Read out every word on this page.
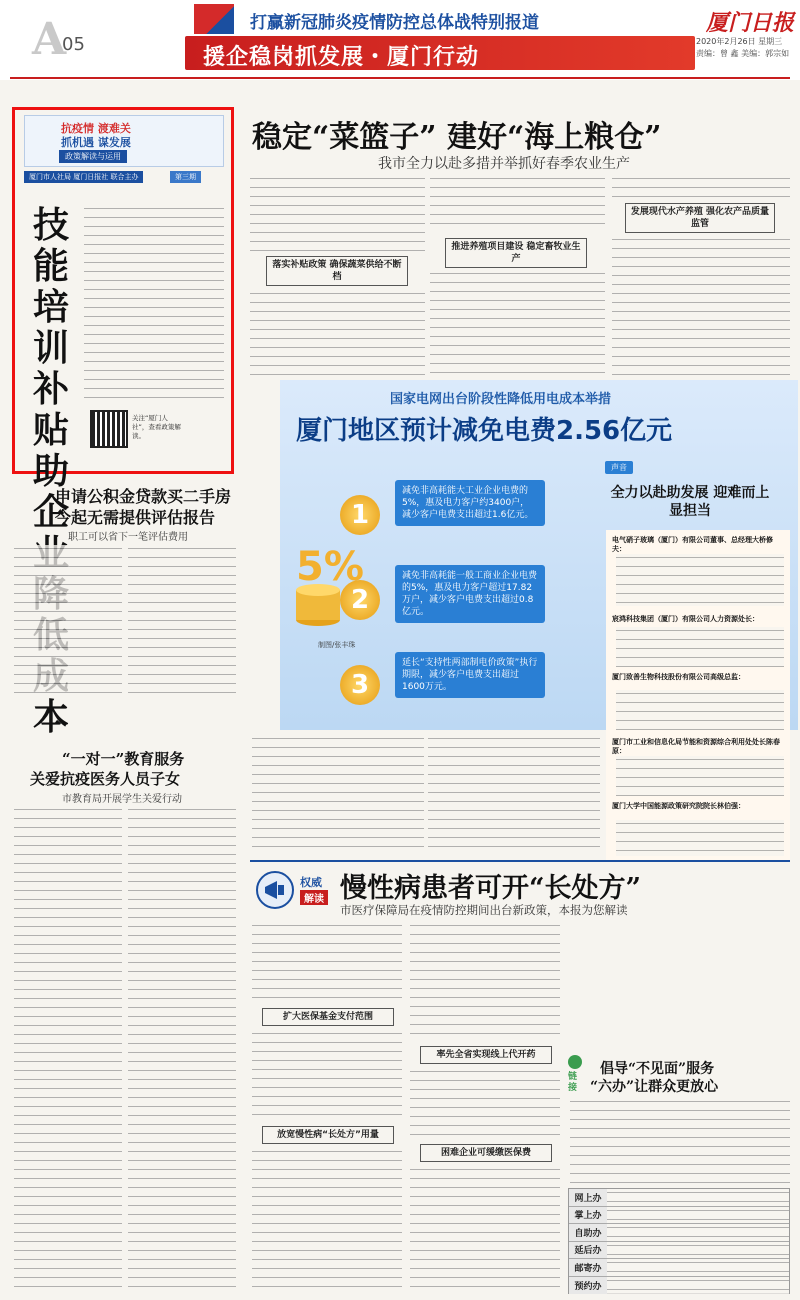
A
05
打赢新冠肺炎疫情防控总体战特别报道
援企稳岗抓发展・厦门行动
厦门日报
2020年2月26日 星期三
责编：曾 鑫 美编：郭宗如
抗疫情 渡难关
抓机遇 谋发展
政策解读与运用
厦门市人社局 厦门日报社 联合主办	第三期
技
能
培
训
补
贴
助
企
本
关注“厦门人社”，查看政策解读。
稳定“菜篮子” 建好“海上粮仓”
我市全力以赴多措并举抓好春季农业生产
落实补贴政策 确保蔬菜供给不断档
推进养殖项目建设 稳定畜牧业生产
发展现代水产养殖 强化农产品质量监管
国家电网出台阶段性降低用电成本举措
厦门地区预计减免电费2.56亿元
1
减免非高耗能大工业企业电费的5%，惠及电力客户约3400户，减少客户电费支出超过1.6亿元。
2
减免非高耗能一般工商业企业电费的5%，惠及电力客户超过17.82万户，减少客户电费支出超过0.8亿元。
3
延长“支持性两部制电价政策”执行期限，减少客户电费支出超过1600万元。
5%
制图/张丰珠
声音
全力以赴助发展 迎难而上显担当
电气硝子玻璃（厦门）有限公司董事、总经理大桥修夫：
宸鸿科技集团（厦门）有限公司人力资源处长：
厦门致善生物科技股份有限公司高级总监：
厦门市工业和信息化局节能和资源综合利用处处长陈春原：
厦门大学中国能源政策研究院院长林伯强：
申请公积金贷款买二手房
今起无需提供评估报告
职工可以省下一笔评估费用
“一对一”教育服务
关爱抗疫医务人员子女
市教育局开展学生关爱行动
权威
解读 慢性病患者可开“长处方”
市医疗保障局在疫情防控期间出台新政策，本报为您解读
扩大医保基金支付范围
放宽慢性病“长处方”用量
率先全省实现线上代开药
困难企业可缓缴医保费
链接
倡导“不见面”服务
“六办”让群众更放心
网上办
掌上办
自助办
延后办
邮寄办
预约办
